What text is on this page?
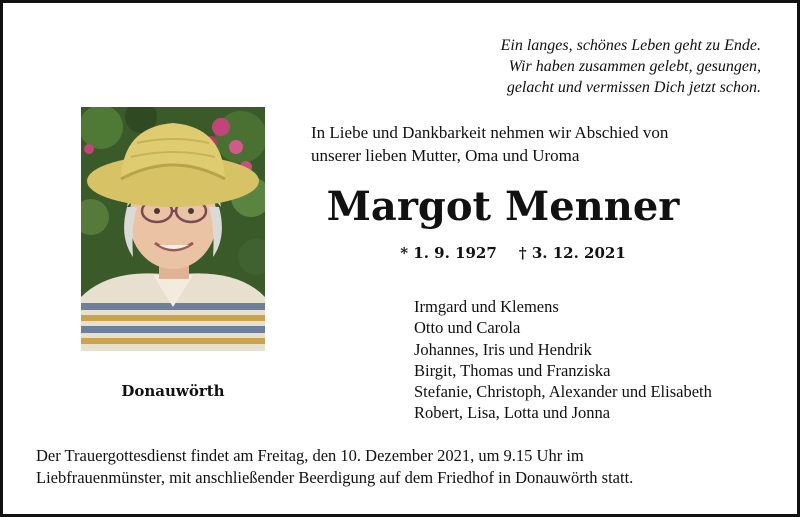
Ein langes, schönes Leben geht zu Ende.
Wir haben zusammen gelebt, gesungen,
gelacht und vermissen Dich jetzt schon.
Donauwörth
In Liebe und Dankbarkeit nehmen wir Abschied von
unserer lieben Mutter, Oma und Uroma
Margot Menner
* 1. 9. 1927 † 3. 12. 2021
Irmgard und Klemens
Otto und Carola
Johannes, Iris und Hendrik
Birgit, Thomas und Franziska
Stefanie, Christoph, Alexander und Elisabeth
Robert, Lisa, Lotta und Jonna
Der Trauergottesdienst findet am Freitag, den 10. Dezember 2021, um 9.15 Uhr im
Liebfrauenmünster, mit anschließender Beerdigung auf dem Friedhof in Donauwörth statt.
